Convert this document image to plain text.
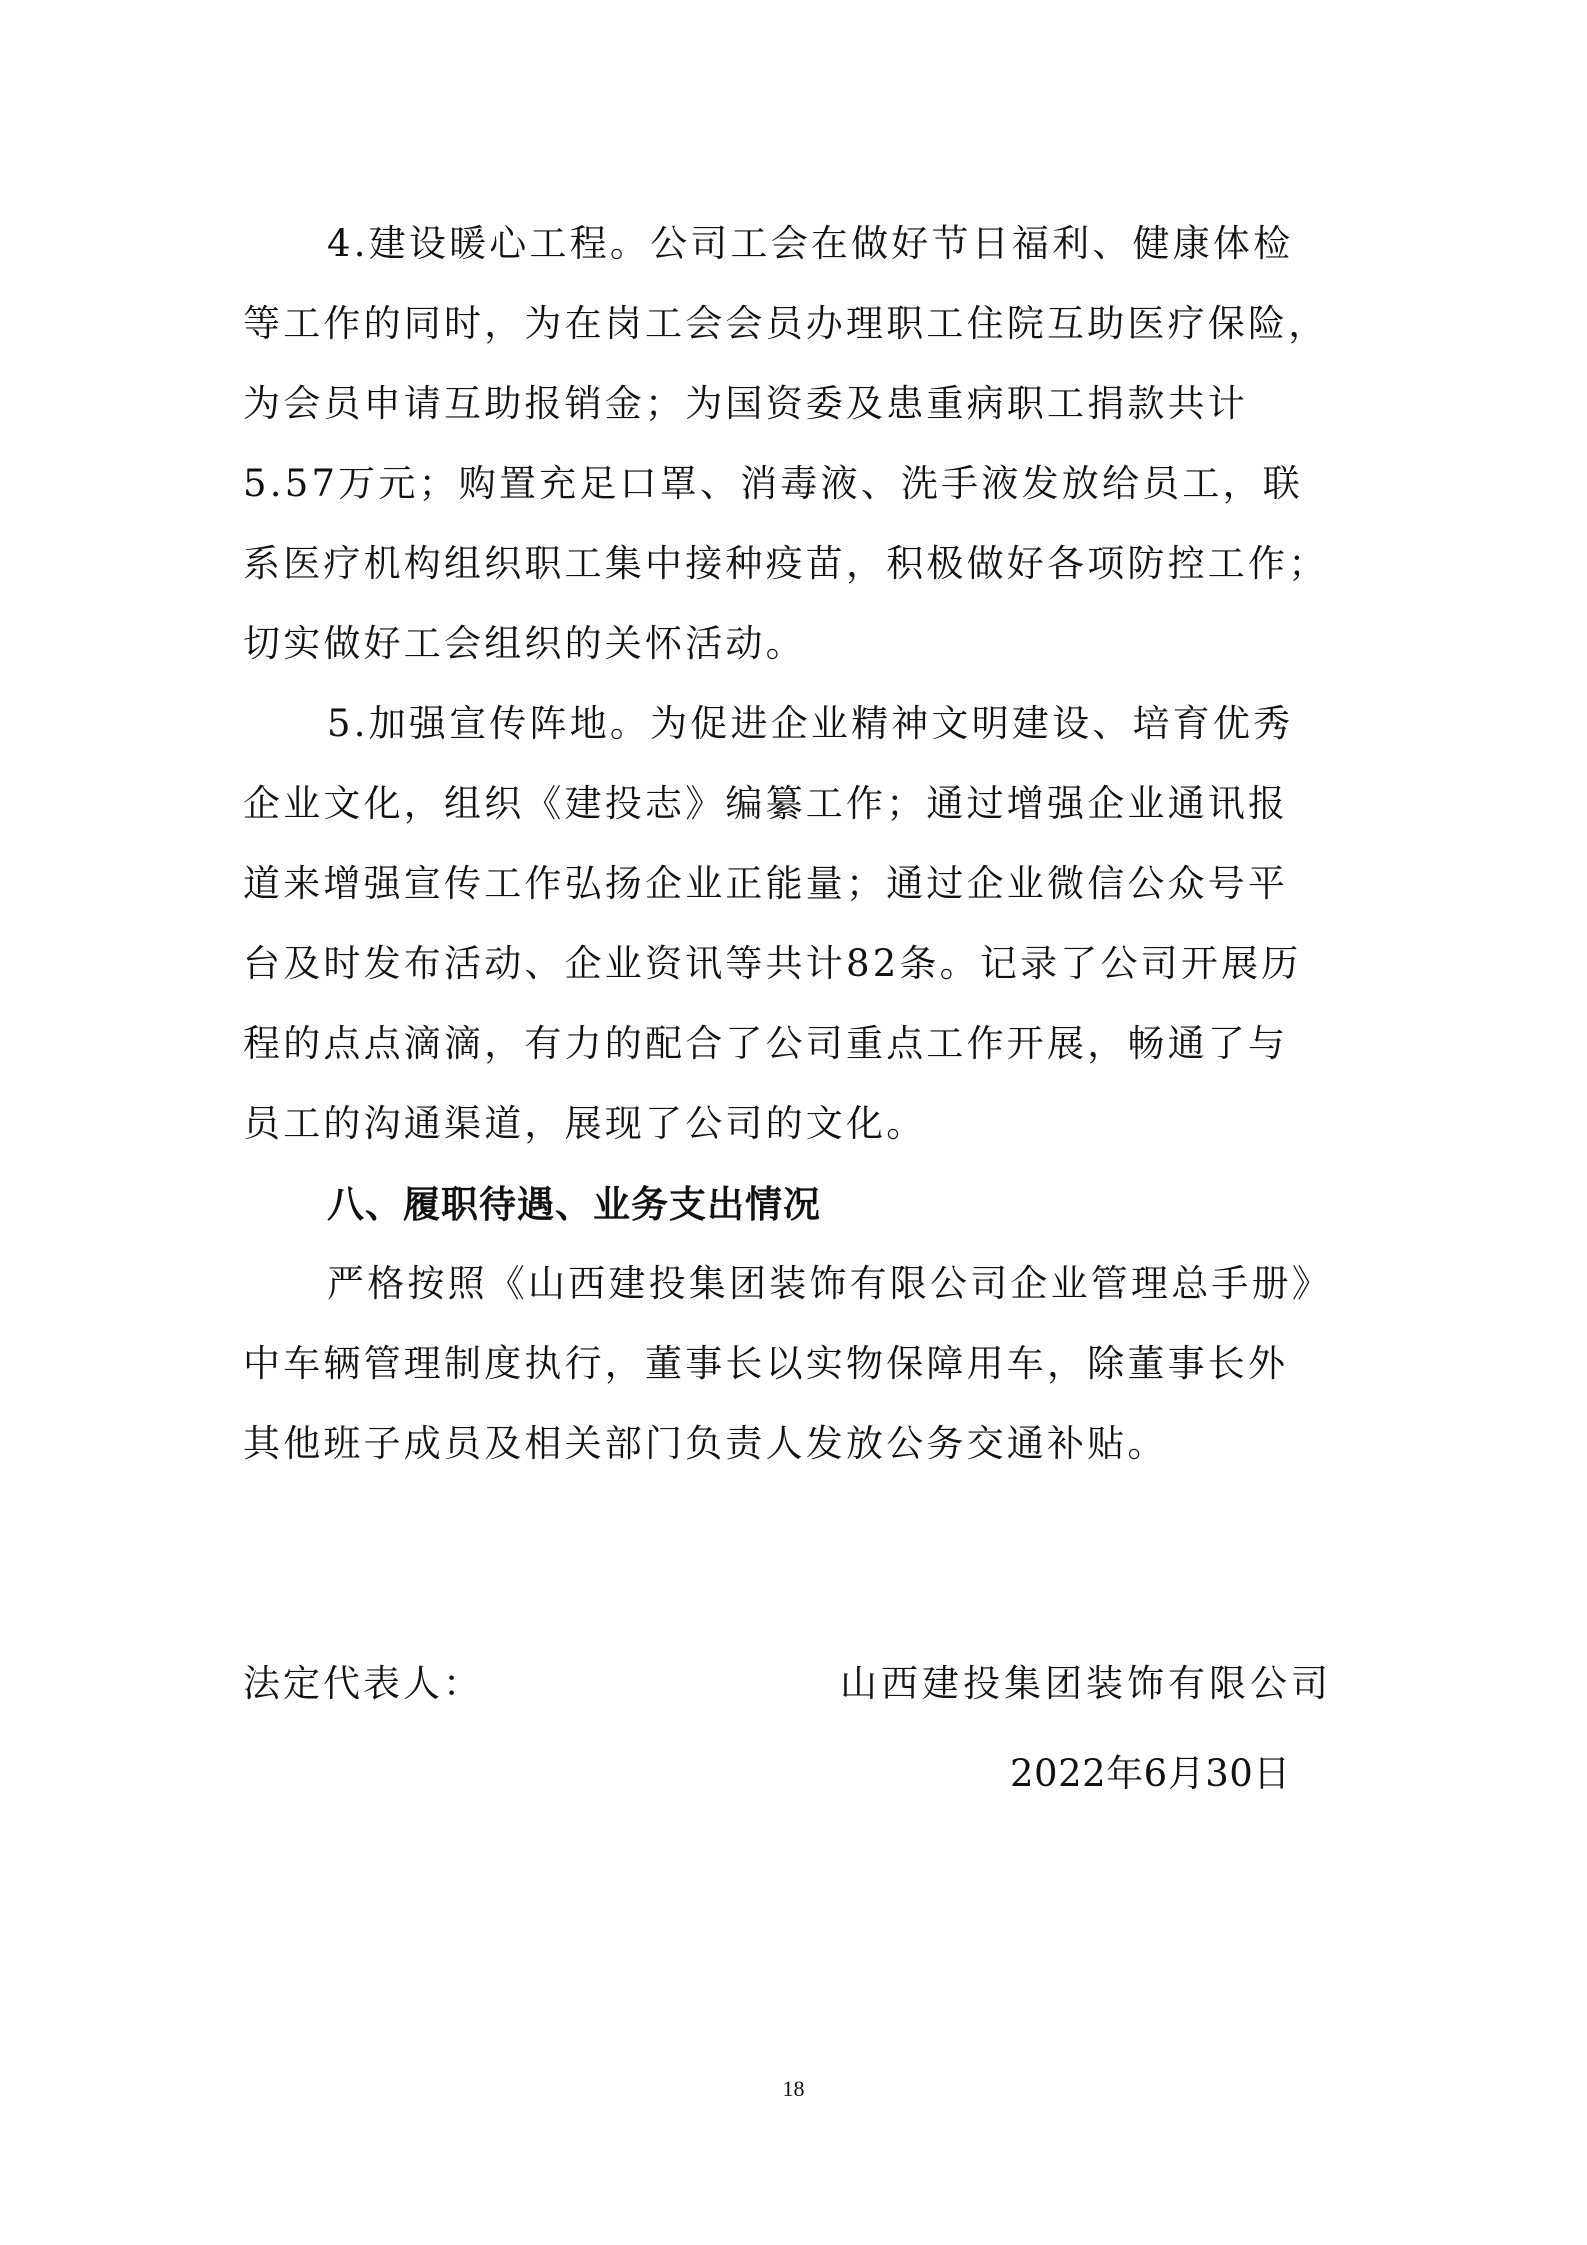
4.建设暖心工程。公司工会在做好节日福利、健康体检
等工作的同时，为在岗工会会员办理职工住院互助医疗保险，
为会员申请互助报销金；为国资委及患重病职工捐款共计
5.57万元；购置充足口罩、消毒液、洗手液发放给员工，联
系医疗机构组织职工集中接种疫苗，积极做好各项防控工作；
切实做好工会组织的关怀活动。
5.加强宣传阵地。为促进企业精神文明建设、培育优秀
企业文化，组织《建投志》编纂工作；通过增强企业通讯报
道来增强宣传工作弘扬企业正能量；通过企业微信公众号平
台及时发布活动、企业资讯等共计82条。记录了公司开展历
程的点点滴滴，有力的配合了公司重点工作开展，畅通了与
员工的沟通渠道，展现了公司的文化。
八、履职待遇、业务支出情况
严格按照《山西建投集团装饰有限公司企业管理总手册》
中车辆管理制度执行，董事长以实物保障用车，除董事长外
其他班子成员及相关部门负责人发放公务交通补贴。
法定代表人：	山西建投集团装饰有限公司
2022年6月30日
18
